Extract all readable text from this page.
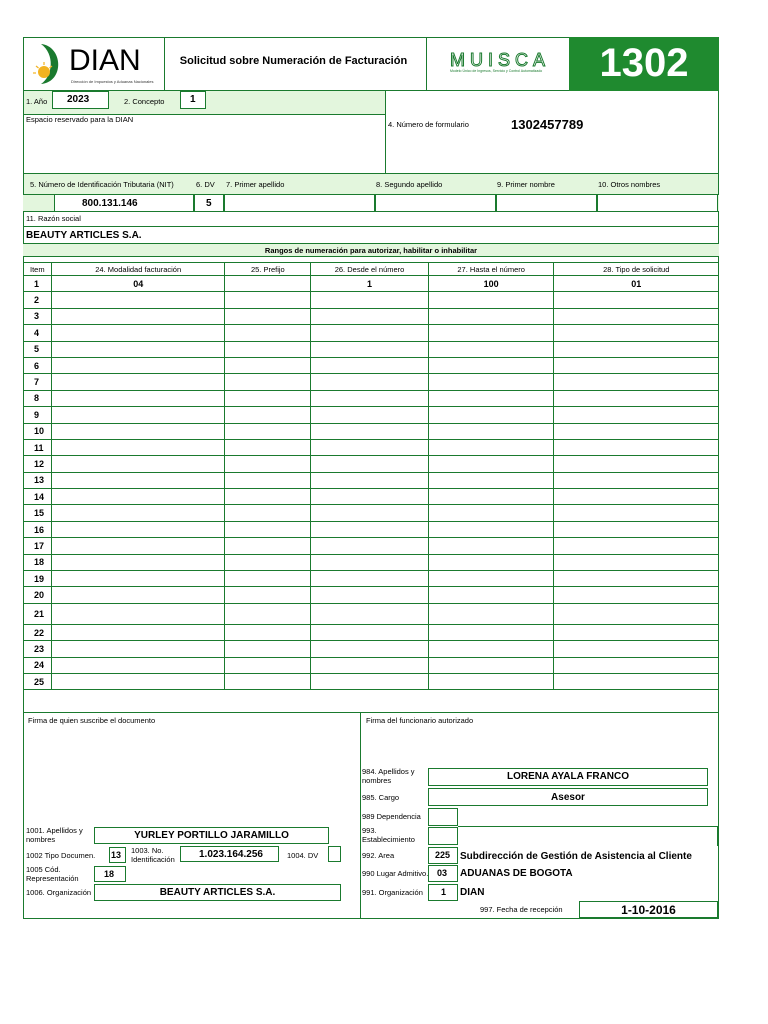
DIAN
Dirección de Impuestos y Aduanas Nacionales
Solicitud sobre Numeración de Facturación	MUISCA
Modelo Único de Ingresos, Servicio y Control Automatizado	1302
1. Año 2023	2. Concepto	1
Espacio reservado para la DIAN
4. Número de formulario	1302457789
5. Número de Identificación Tributaria (NIT)	6. DV 7. Primer apellido	8. Segundo apellido	9. Primer nombre	10. Otros nombres
800.131.146	5
11. Razón social
BEAUTY ARTICLES S.A.
Rangos de numeración para autorizar, habilitar o inhabilitar
Item	24. Modalidad facturación	25. Prefijo	26. Desde el número	27. Hasta el número	28. Tipo de solicitud
1	04		1	100	01
2					
3					
4					
5					
6					
7					
8					
9					
10					
11					
12					
13					
14					
15					
16					
17					
18					
19					
20					
21					
22					
23					
24					
25					
Firma de quien suscribe el documento
1001. Apellidos y nombres	YURLEY PORTILLO JARAMILLO
1002 Tipo Documen. 13 1003. No. Identificación 1.023.164.256	1004. DV
1005 Cód. Representación	18
1006. Organización	BEAUTY ARTICLES S.A.
Firma del funcionario autorizado
984. Apellidos y nombres	LORENA AYALA FRANCO
985. Cargo	Asesor
989 Dependencia
993. Establecimiento
992. Area	225 Subdirección de Gestión de Asistencia al Cliente
990 Lugar Admitivo. 03 ADUANAS DE BOGOTA
991. Organización 1 DIAN
997. Fecha de recepción	1-10-2016
